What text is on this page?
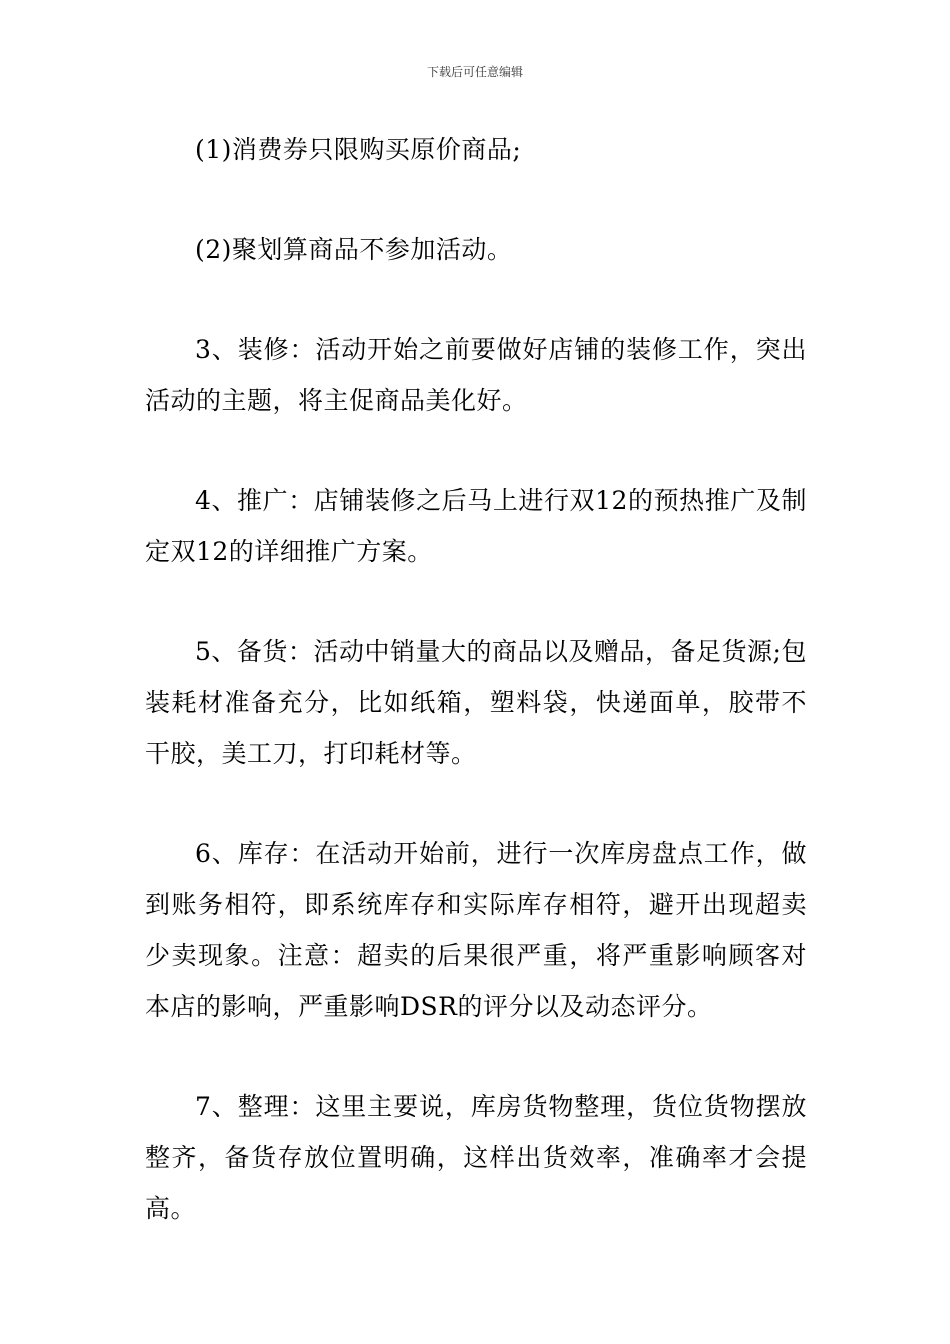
下载后可任意编辑

(1)消费券只限购买原价商品;

(2)聚划算商品不参加活动。

3、装修：活动开始之前要做好店铺的装修工作，突出活动的主题，将主促商品美化好。

4、推广：店铺装修之后马上进行双12的预热推广及制定双12的详细推广方案。

5、备货：活动中销量大的商品以及赠品，备足货源;包装耗材准备充分，比如纸箱，塑料袋，快递面单，胶带不干胶，美工刀，打印耗材等。

6、库存：在活动开始前，进行一次库房盘点工作，做到账务相符，即系统库存和实际库存相符，避开出现超卖少卖现象。注意：超卖的后果很严重，将严重影响顾客对本店的影响，严重影响DSR的评分以及动态评分。

7、整理：这里主要说，库房货物整理，货位货物摆放整齐，备货存放位置明确，这样出货效率，准确率才会提高。
